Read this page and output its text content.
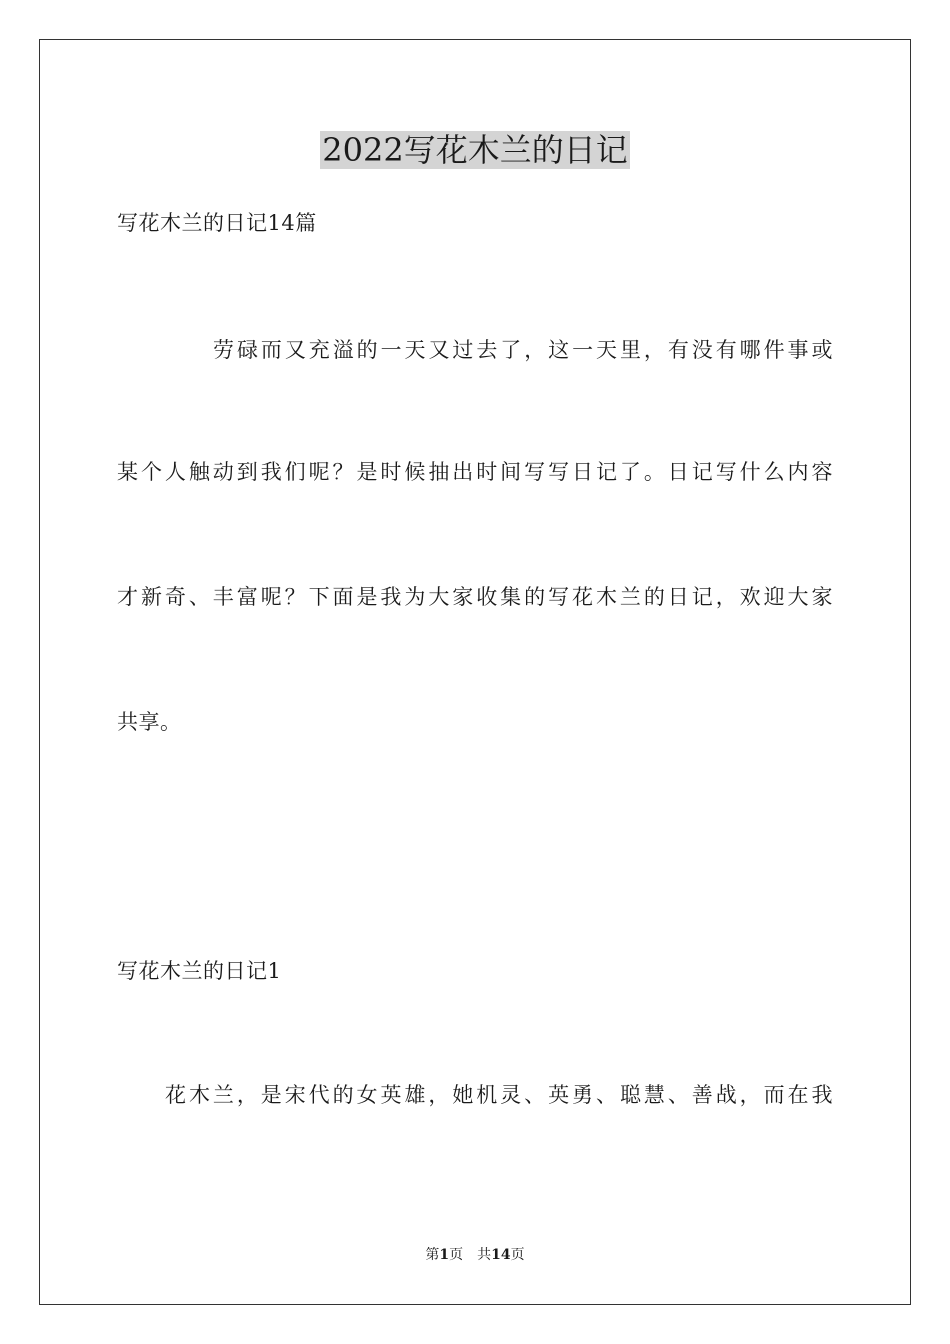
2022写花木兰的日记
写花木兰的日记14篇
劳碌而又充溢的一天又过去了，这一天里，有没有哪件事或
某个人触动到我们呢？是时候抽出时间写写日记了。日记写什么内容
才新奇、丰富呢？下面是我为大家收集的写花木兰的日记，欢迎大家
共享。
写花木兰的日记1
花木兰，是宋代的女英雄，她机灵、英勇、聪慧、善战，而在我
第1页 共14页
